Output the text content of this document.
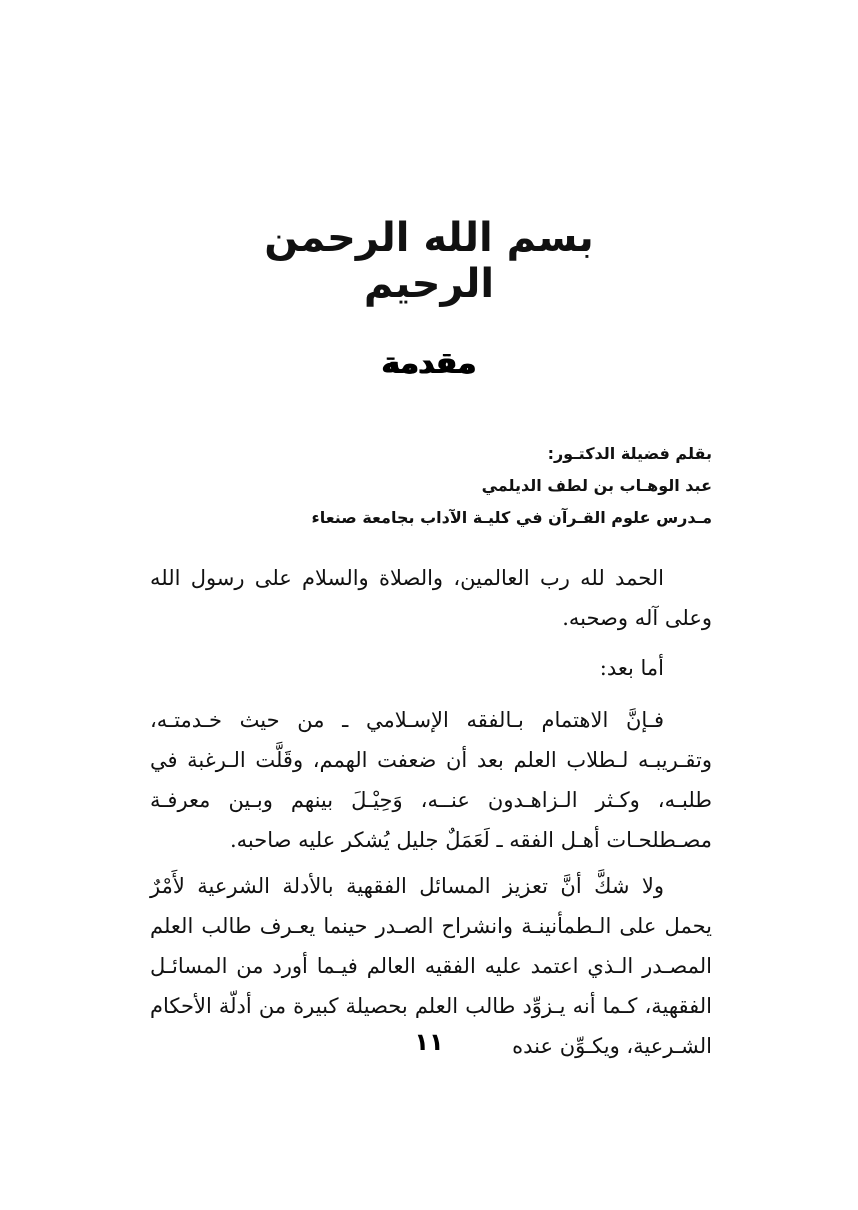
بسم الله الرحمن الرحيم
مقدمة
بقلم فضيلة الدكتـور:
عبد الوهـاب بن لطف الديلمي
مـدرس علوم القـرآن في كليـة الآداب بجامعة صنعاء

الحمد لله رب العالمين، والصلاة والسلام على رسول الله وعلى آله وصحبه.

أما بعد:

فـإنَّ الاهتمام بـالفقه الإسـلامي ـ من حيث خـدمتـه، وتقـريبـه لـطلاب العلم بعد أن ضعفت الهمم، وقَلَّت الـرغبة في طلبـه، وكـثر الـزاهـدون عنــه، وَحِيْـلَ بينهم وبـين معرفـة مصـطلحـات أهـل الفقه ـ لَعَمَلٌ جليل يُشكر عليه صاحبه.

ولا شكَّ أنَّ تعزيز المسائل الفقهية بالأدلة الشرعية لأَمْرٌ يحمل على الـطمأنينـة وانشراح الصـدر حينما يعـرف طالب العلم المصـدر الـذي اعتمد عليه الفقيه العالم فيـما أورد من المسائـل الفقهية، كـما أنه يـزوِّد طالب العلم بحصيلة كبيرة من أدلّة الأحكام الشـرعية، ويكـوِّن عنده

١١
